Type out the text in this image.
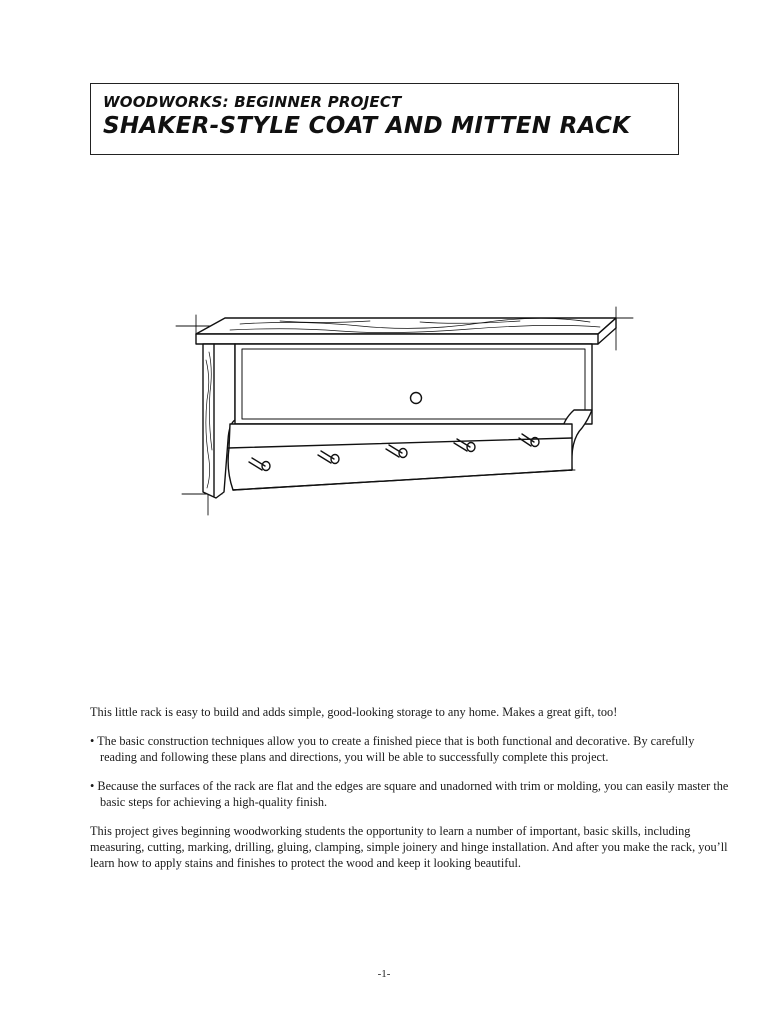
WOODWORKS: BEGINNER PROJECT
SHAKER-STYLE COAT AND MITTEN RACK

This little rack is easy to build and adds simple, good-looking storage to any home. Makes a great gift, too!

• The basic construction techniques allow you to create a finished piece that is both functional and decorative. By carefully reading and following these plans and directions, you will be able to successfully complete this project.

• Because the surfaces of the rack are flat and the edges are square and unadorned with trim or molding, you can easily master the basic steps for achieving a high-quality finish.

This project gives beginning woodworking students the opportunity to learn a number of important, basic skills, including measuring, cutting, marking, drilling, gluing, clamping, simple joinery and hinge installation. And after you make the rack, you’ll learn how to apply stains and finishes to protect the wood and keep it looking beautiful.

-1-
